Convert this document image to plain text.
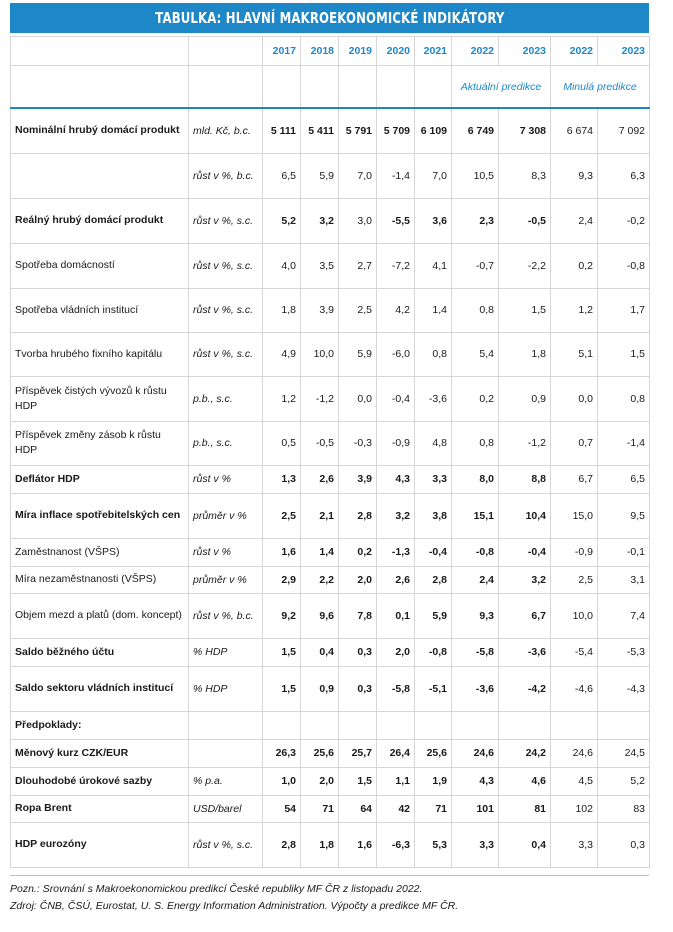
TABULKA: HLAVNÍ MAKROEKONOMICKÉ INDIKÁTORY
		2017	2018	2019	2020	2021	2022	2023	2022	2023
							Aktuální predikce		Minulá predikce	
Nominální hrubý domácí produkt	mld. Kč, b.c.	5 111	5 411	5 791	5 709	6 109	6 749	7 308	6 674	7 092
	růst v %, b.c.	6,5	5,9	7,0	-1,4	7,0	10,5	8,3	9,3	6,3
Reálný hrubý domácí produkt	růst v %, s.c.	5,2	3,2	3,0	-5,5	3,6	2,3	-0,5	2,4	-0,2
Spotřeba domácností	růst v %, s.c.	4,0	3,5	2,7	-7,2	4,1	-0,7	-2,2	0,2	-0,8
Spotřeba vládních institucí	růst v %, s.c.	1,8	3,9	2,5	4,2	1,4	0,8	1,5	1,2	1,7
Tvorba hrubého fixního kapitálu	růst v %, s.c.	4,9	10,0	5,9	-6,0	0,8	5,4	1,8	5,1	1,5
Příspěvek čistých vývozů k růstu HDP	p.b., s.c.	1,2	-1,2	0,0	-0,4	-3,6	0,2	0,9	0,0	0,8
Příspěvek změny zásob k růstu HDP	p.b., s.c.	0,5	-0,5	-0,3	-0,9	4,8	0,8	-1,2	0,7	-1,4
Deflátor HDP	růst v %	1,3	2,6	3,9	4,3	3,3	8,0	8,8	6,7	6,5
Míra inflace spotřebitelských cen	průměr v %	2,5	2,1	2,8	3,2	3,8	15,1	10,4	15,0	9,5
Zaměstnanost (VŠPS)	růst v %	1,6	1,4	0,2	-1,3	-0,4	-0,8	-0,4	-0,9	-0,1
Míra nezaměstnanosti (VŠPS)	průměr v %	2,9	2,2	2,0	2,6	2,8	2,4	3,2	2,5	3,1
Objem mezd a platů (dom. koncept)	růst v %, b.c.	9,2	9,6	7,8	0,1	5,9	9,3	6,7	10,0	7,4
Saldo běžného účtu	% HDP	1,5	0,4	0,3	2,0	-0,8	-5,8	-3,6	-5,4	-5,3
Saldo sektoru vládních institucí	% HDP	1,5	0,9	0,3	-5,8	-5,1	-3,6	-4,2	-4,6	-4,3
Předpoklady:										
Měnový kurz CZK/EUR		26,3	25,6	25,7	26,4	25,6	24,6	24,2	24,6	24,5
Dlouhodobé úrokové sazby	% p.a.	1,0	2,0	1,5	1,1	1,9	4,3	4,6	4,5	5,2
Ropa Brent	USD/barel	54	71	64	42	71	101	81	102	83
HDP eurozóny	růst v %, s.c.	2,8	1,8	1,6	-6,3	5,3	3,3	0,4	3,3	0,3
Pozn.: Srovnání s Makroekonomickou predikcí České republiky MF ČR z listopadu 2022.
Zdroj: ČNB, ČSÚ, Eurostat, U. S. Energy Information Administration. Výpočty a predikce MF ČR.
